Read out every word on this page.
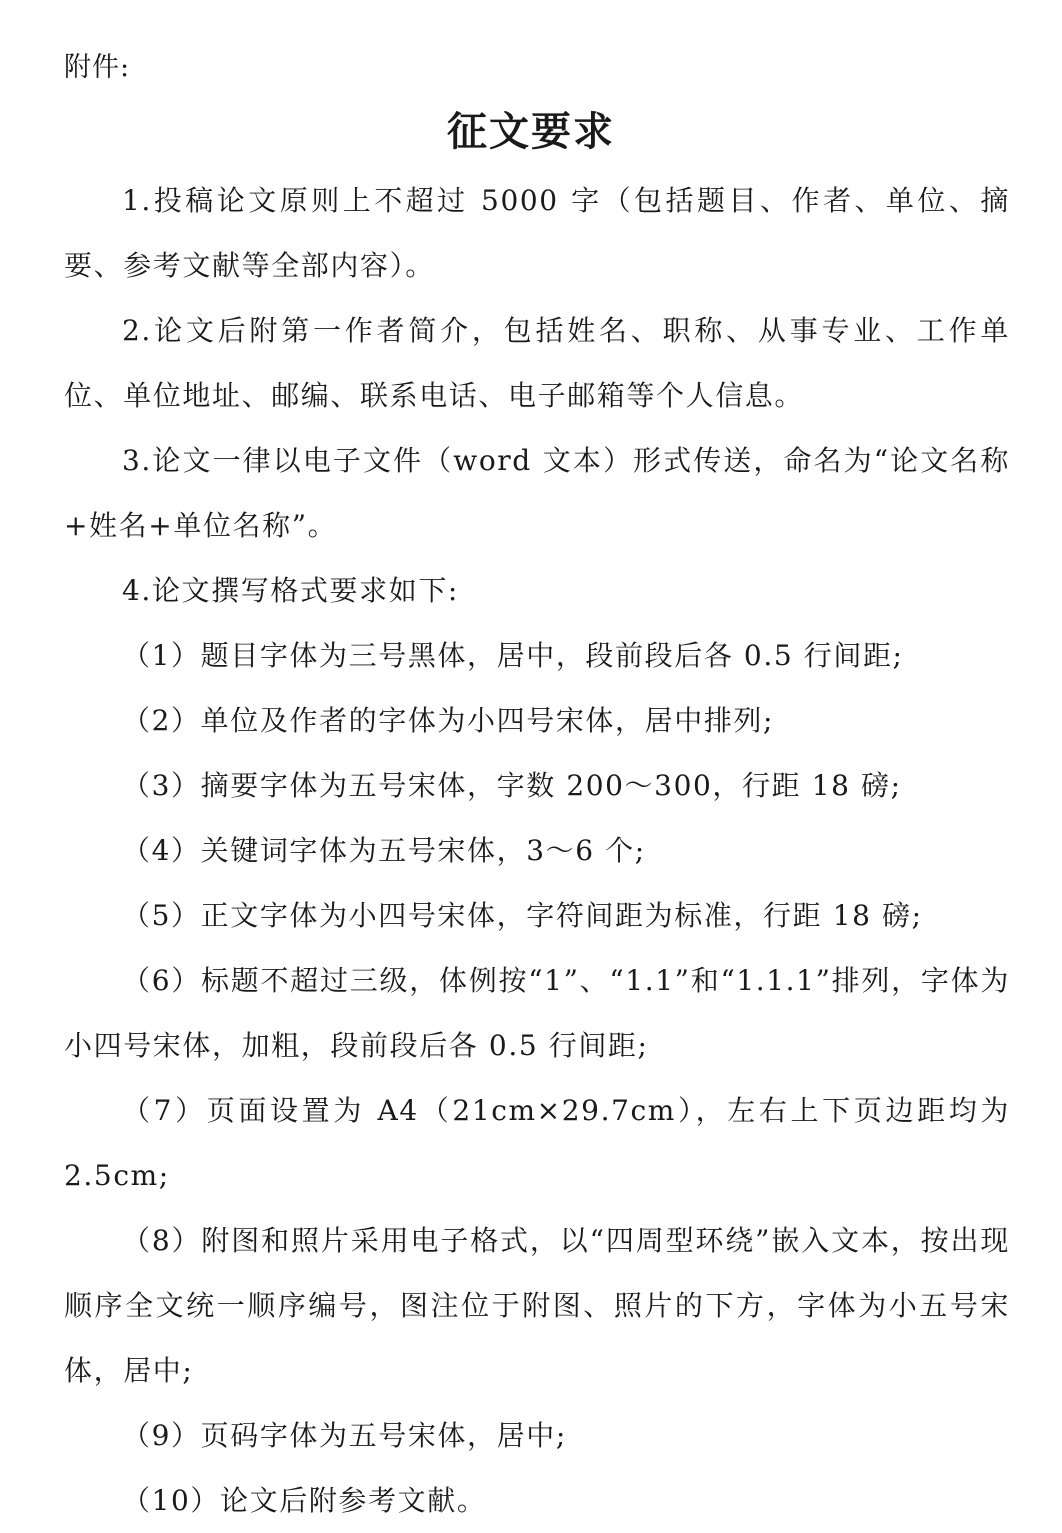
附件:
征文要求

1.投稿论文原则上不超过 5000 字（包括题目、作者、单位、摘要、参考文献等全部内容）。

2.论文后附第一作者简介，包括姓名、职称、从事专业、工作单位、单位地址、邮编、联系电话、电子邮箱等个人信息。

3.论文一律以电子文件（word 文本）形式传送，命名为“论文名称+姓名+单位名称”。

4.论文撰写格式要求如下:

（1）题目字体为三号黑体，居中，段前段后各 0.5 行间距;

（2）单位及作者的字体为小四号宋体，居中排列;

（3）摘要字体为五号宋体，字数 200～300，行距 18 磅;

（4）关键词字体为五号宋体，3～6 个;

（5）正文字体为小四号宋体，字符间距为标准，行距 18 磅;

（6）标题不超过三级，体例按“1”、“1.1”和“1.1.1”排列，字体为小四号宋体，加粗，段前段后各 0.5 行间距;

（7）页面设置为 A4（21cm×29.7cm），左右上下页边距均为 2.5cm;

（8）附图和照片采用电子格式，以“四周型环绕”嵌入文本，按出现顺序全文统一顺序编号，图注位于附图、照片的下方，字体为小五号宋体，居中;

（9）页码字体为五号宋体，居中;

（10）论文后附参考文献。
